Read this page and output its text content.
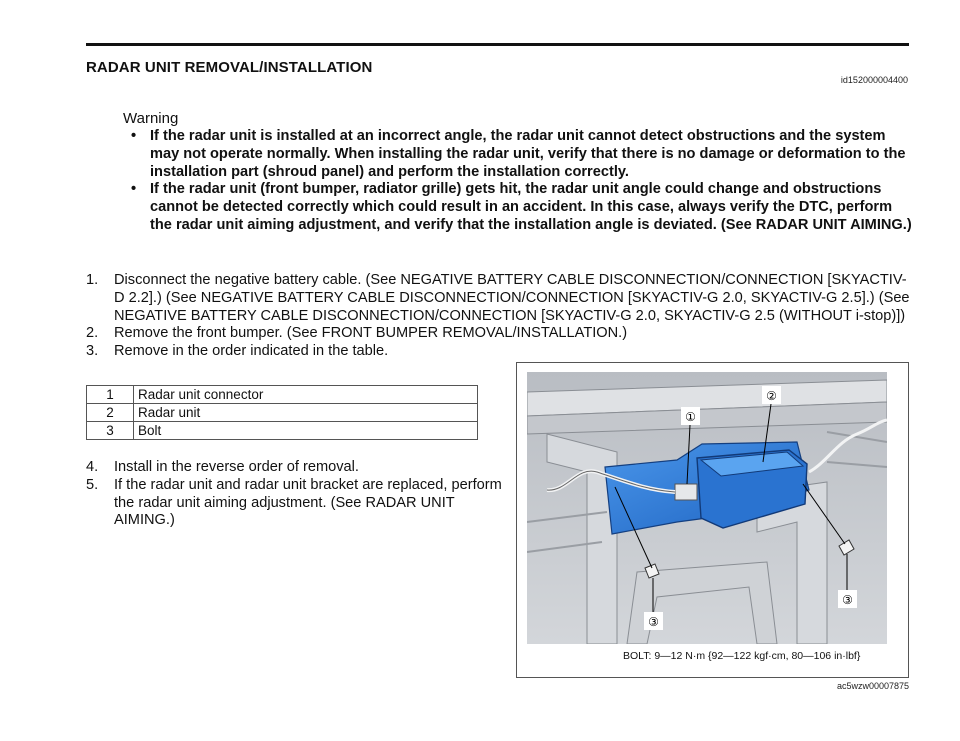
RADAR UNIT REMOVAL/INSTALLATION
id152000004400
Warning
• If the radar unit is installed at an incorrect angle, the radar unit cannot detect obstructions and the system may not operate normally. When installing the radar unit, verify that there is no damage or deformation to the installation part (shroud panel) and perform the installation correctly.
• If the radar unit (front bumper, radiator grille) gets hit, the radar unit angle could change and obstructions cannot be detected correctly which could result in an accident. In this case, always verify the DTC, perform the radar unit aiming adjustment, and verify that the installation angle is deviated. (See RADAR UNIT AIMING.)
1. Disconnect the negative battery cable. (See NEGATIVE BATTERY CABLE DISCONNECTION/CONNECTION [SKYACTIV-D 2.2].) (See NEGATIVE BATTERY CABLE DISCONNECTION/CONNECTION [SKYACTIV-G 2.0, SKYACTIV-G 2.5].) (See NEGATIVE BATTERY CABLE DISCONNECTION/CONNECTION [SKYACTIV-G 2.0, SKYACTIV-G 2.5 (WITHOUT i-stop)])
2. Remove the front bumper. (See FRONT BUMPER REMOVAL/INSTALLATION.)
3. Remove in the order indicated in the table.
1	Radar unit connector
2	Radar unit
3	Bolt
4. Install in the reverse order of removal.
5. If the radar unit and radar unit bracket are replaced, perform the radar unit aiming adjustment. (See RADAR UNIT AIMING.)
①
②
③
③
BOLT: 9—12 N·m {92—122 kgf·cm, 80—106 in·lbf}
ac5wzw00007875
